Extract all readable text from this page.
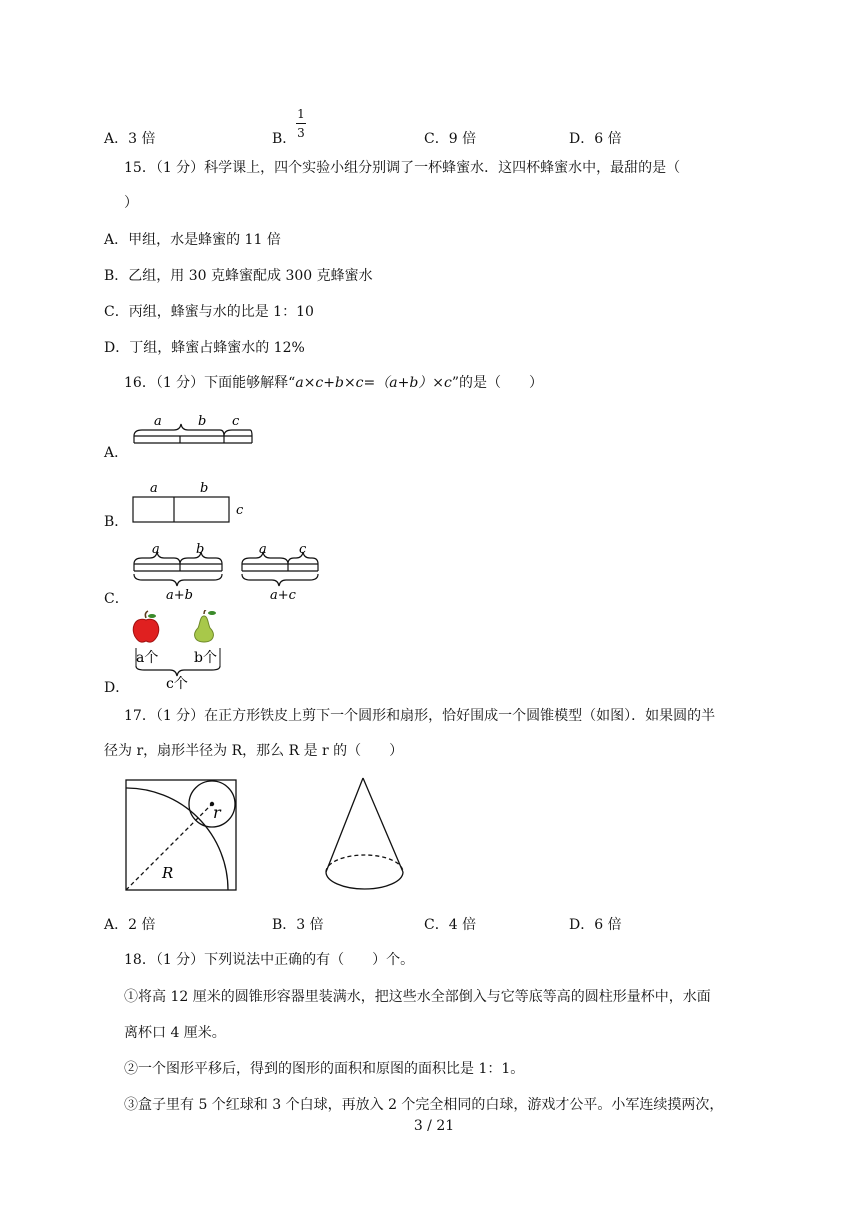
A．3 倍	B．
1
3	C．9 倍	D．6 倍
15．（1 分）科学课上，四个实验小组分别调了一杯蜂蜜水．这四杯蜂蜜水中，最甜的是（
）
A．甲组，水是蜂蜜的 11 倍
B．乙组，用 30 克蜂蜜配成 300 克蜂蜜水
C．丙组，蜂蜜与水的比是 1：10
D．丁组，蜂蜜占蜂蜜水的 12%
16．（1 分）下面能够解释“a×c+b×c=（a+b）×c”的是（　　）
A．
a	b c
B．
a	b
c
C．
a	b
a+b
a c
a+c
D．
a个	b个
c个
17．（1 分）在正方形铁皮上剪下一个圆形和扇形，恰好围成一个圆锥模型（如图）．如果圆的半
径为 r，扇形半径为 R，那么 R 是 r 的（　　）
r
R
A．2 倍	B．3 倍	C．4 倍	D．6 倍
18．（1 分）下列说法中正确的有（　　）个。
①将高 12 厘米的圆锥形容器里装满水，把这些水全部倒入与它等底等高的圆柱形量杯中，水面
离杯口 4 厘米。
②一个图形平移后，得到的图形的面积和原图的面积比是 1：1。
③盒子里有 5 个红球和 3 个白球，再放入 2 个完全相同的白球，游戏才公平。小军连续摸两次，
3 / 21
